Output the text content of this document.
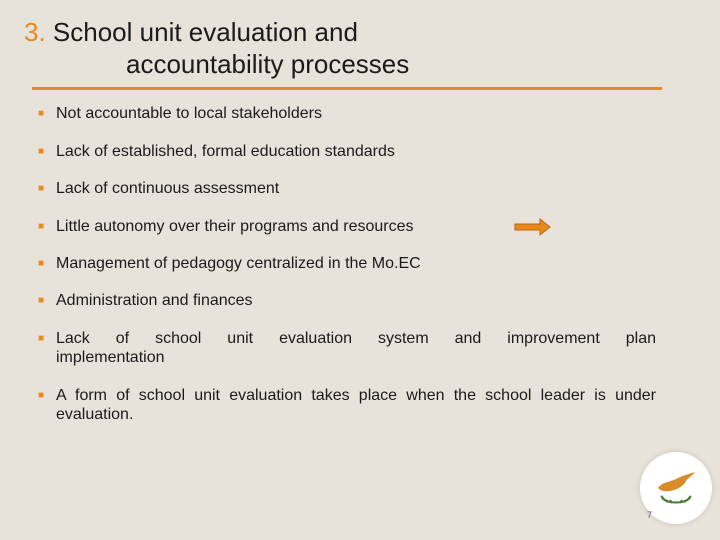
3. School unit evaluation and
accountability processes
■ Not accountable to local stakeholders
■ Lack of established, formal education standards
■ Lack of continuous assessment
■ Little autonomy over their programs and resources
■ Management of pedagogy centralized in the Mo.EC
■ Administration and finances
■ Lack of school unit evaluation system and improvement plan implementation
■ A form of school unit evaluation takes place when the school leader is under evaluation.
7
